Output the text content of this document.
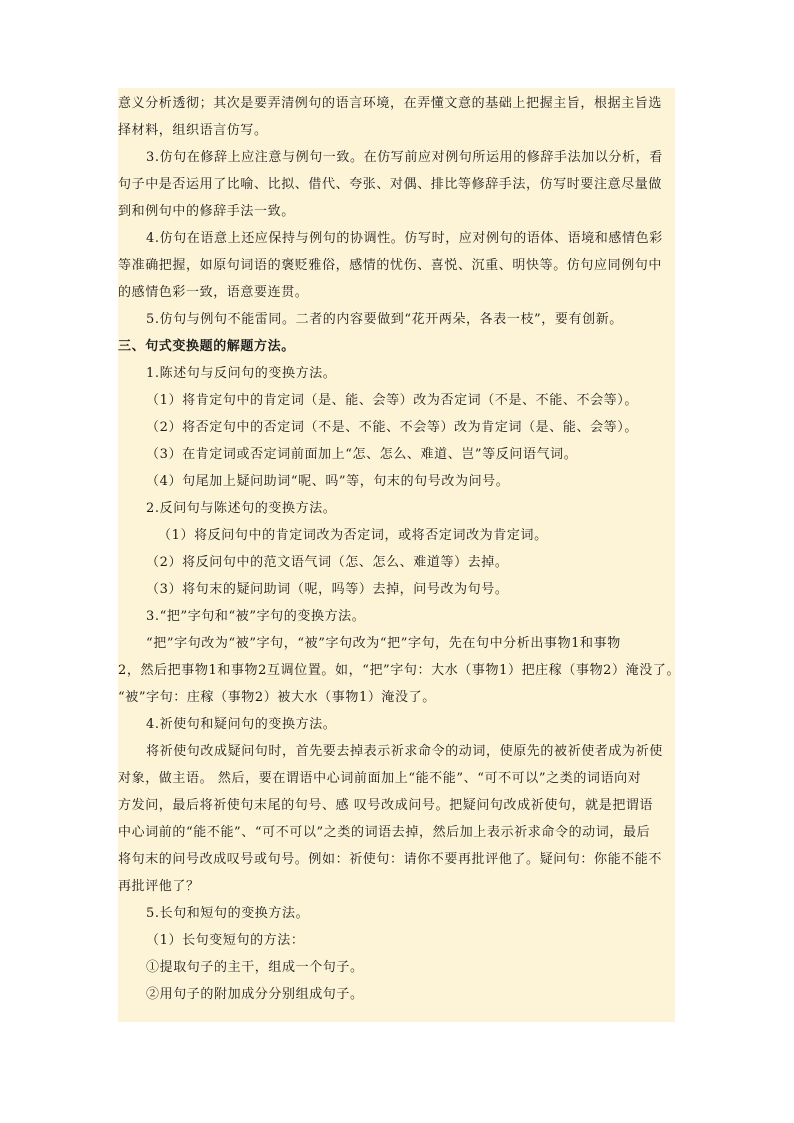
意义分析透彻；其次是要弄清例句的语言环境，在弄懂文意的基础上把握主旨，根据主旨选
择材料，组织语言仿写。
3.仿句在修辞上应注意与例句一致。在仿写前应对例句所运用的修辞手法加以分析，看
句子中是否运用了比喻、比拟、借代、夸张、对偶、排比等修辞手法，仿写时要注意尽量做
到和例句中的修辞手法一致。
4.仿句在语意上还应保持与例句的协调性。仿写时，应对例句的语体、语境和感情色彩
等准确把握，如原句词语的褒贬雅俗，感情的忧伤、喜悦、沉重、明快等。仿句应同例句中
的感情色彩一致，语意要连贯。
5.仿句与例句不能雷同。二者的内容要做到“花开两朵，各表一枝”，要有创新。
三、句式变换题的解题方法。
1.陈述句与反问句的变换方法。
（1）将肯定句中的肯定词（是、能、会等）改为否定词（不是、不能、不会等）。
（2）将否定句中的否定词（不是、不能、不会等）改为肯定词（是、能、会等）。
（3）在肯定词或否定词前面加上“怎、怎么、难道、岂”等反问语气词。
（4）句尾加上疑问助词“呢、吗”等，句末的句号改为问号。
2.反问句与陈述句的变换方法。
（1）将反问句中的肯定词改为否定词，或将否定词改为肯定词。
（2）将反问句中的范文语气词（怎、怎么、难道等）去掉。
（3）将句末的疑问助词（呢，吗等）去掉，问号改为句号。
3.“把”字句和“被”字句的变换方法。
“把”字句改为“被”字句，“被”字句改为“把”字句，先在句中分析出事物1和事物
2，然后把事物1和事物2互调位置。如，“把”字句：大水（事物1）把庄稼（事物2）淹没了。
“被”字句：庄稼（事物2）被大水（事物1）淹没了。
4.祈使句和疑问句的变换方法。
将祈使句改成疑问句时，首先要去掉表示祈求命令的动词，使原先的被祈使者成为祈使
对象，做主语。 然后，要在谓语中心词前面加上“能不能”、“可不可以”之类的词语向对
方发问，最后将祈使句末尾的句号、感 叹号改成问号。把疑问句改成祈使句，就是把谓语
中心词前的“能不能”、“可不可以”之类的词语去掉，然后加上表示祈求命令的动词，最后
将句末的问号改成叹号或句号。例如：祈使句：请你不要再批评他了。疑问句：你能不能不
再批评他了？
5.长句和短句的变换方法。
（1）长句变短句的方法：
①提取句子的主干，组成一个句子。
②用句子的附加成分分别组成句子。
